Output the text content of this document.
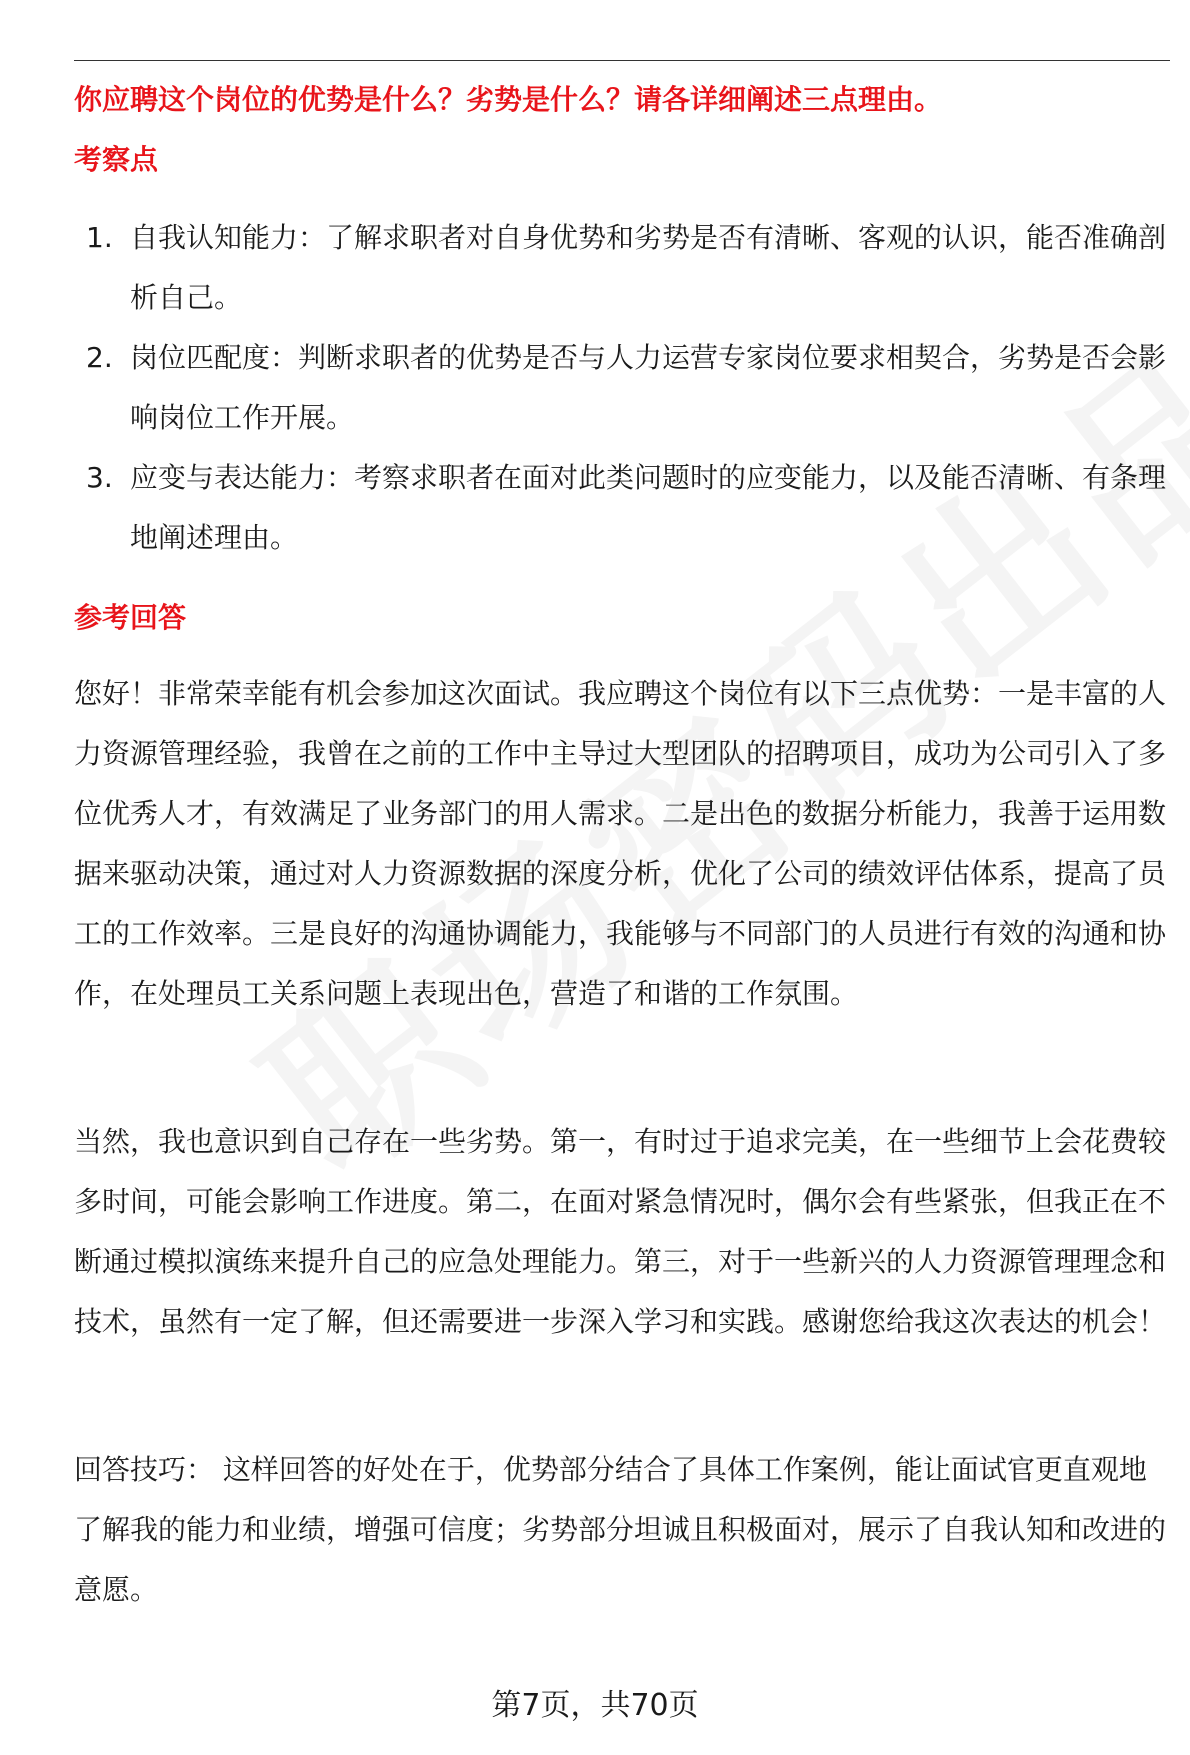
你应聘这个岗位的优势是什么？劣势是什么？请各详细阐述三点理由。
考察点
1. 自我认知能力：了解求职者对自身优势和劣势是否有清晰、客观的认识，能否准确剖析自己。
2. 岗位匹配度：判断求职者的优势是否与人力运营专家岗位要求相契合，劣势是否会影响岗位工作开展。
3. 应变与表达能力：考察求职者在面对此类问题时的应变能力，以及能否清晰、有条理地阐述理由。
参考回答

您好！非常荣幸能有机会参加这次面试。我应聘这个岗位有以下三点优势：一是丰富的人力资源管理经验，我曾在之前的工作中主导过大型团队的招聘项目，成功为公司引入了多位优秀人才，有效满足了业务部门的用人需求。二是出色的数据分析能力，我善于运用数据来驱动决策，通过对人力资源数据的深度分析，优化了公司的绩效评估体系，提高了员工的工作效率。三是良好的沟通协调能力，我能够与不同部门的人员进行有效的沟通和协作，在处理员工关系问题上表现出色，营造了和谐的工作氛围。

当然，我也意识到自己存在一些劣势。第一，有时过于追求完美，在一些细节上会花费较多时间，可能会影响工作进度。第二，在面对紧急情况时，偶尔会有些紧张，但我正在不断通过模拟演练来提升自己的应急处理能力。第三，对于一些新兴的人力资源管理理念和技术，虽然有一定了解，但还需要进一步深入学习和实践。感谢您给我这次表达的机会！

回答技巧： 这样回答的好处在于，优势部分结合了具体工作案例，能让面试官更直观地了解我的能力和业绩，增强可信度；劣势部分坦诚且积极面对，展示了自我认知和改进的意愿。

第7页，共70页
